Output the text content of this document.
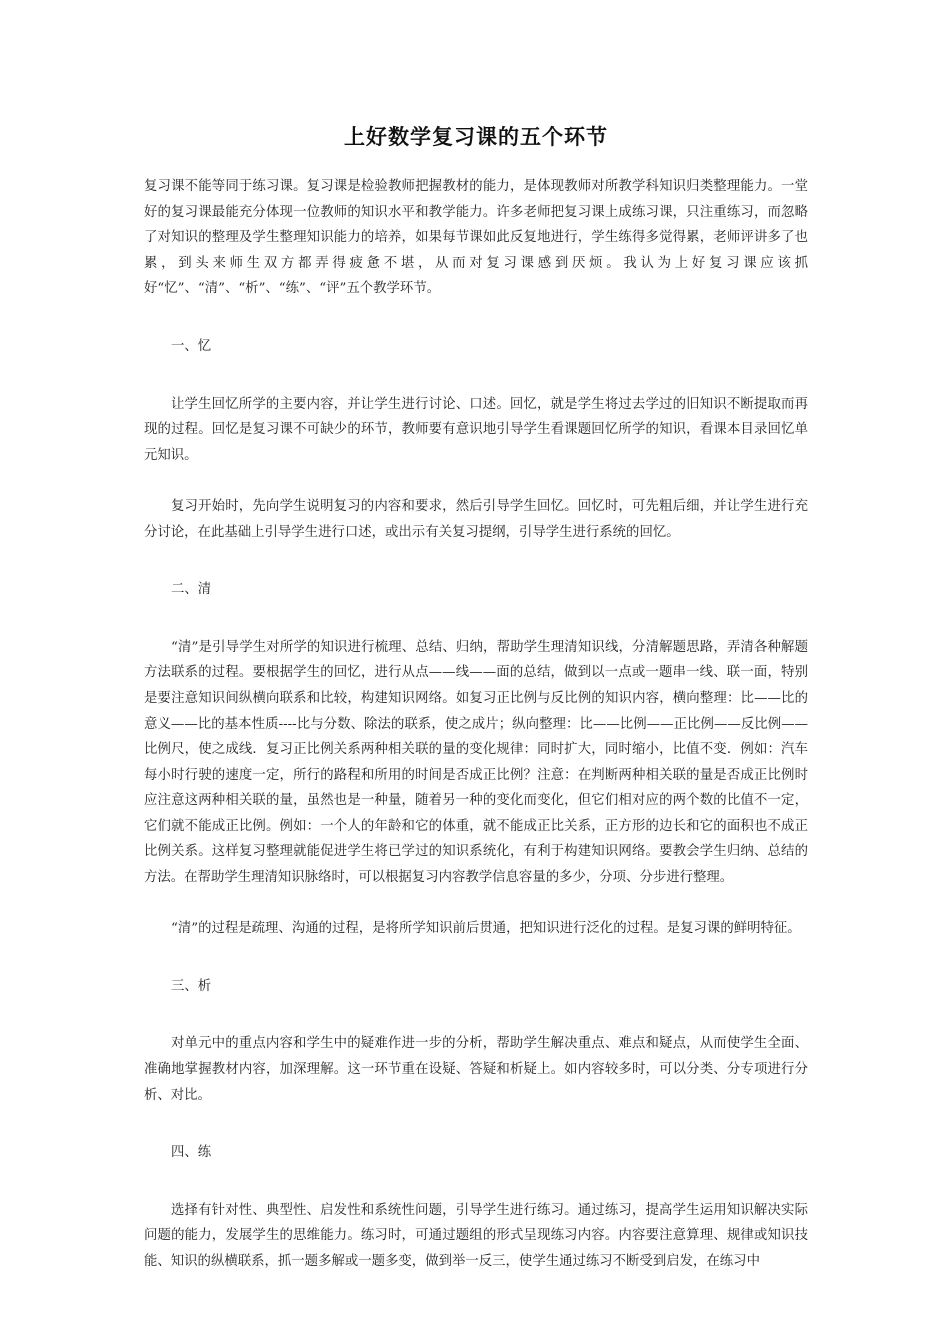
上好数学复习课的五个环节

复习课不能等同于练习课。复习课是检验教师把握教材的能力，是体现教师对所教学科知识归类整理能力。一堂好的复习课最能充分体现一位教师的知识水平和教学能力。许多老师把复习课上成练习课，只注重练习，而忽略了对知识的整理及学生整理知识能力的培养，如果每节课如此反复地进行，学生练得多觉得累，老师评讲多了也累，到头来师生双方都弄得疲惫不堪，从而对复习课感到厌烦。我认为上好复习课应该抓好“忆”、“清”、“析”、“练”、“评”五个教学环节。

一、忆

让学生回忆所学的主要内容，并让学生进行讨论、口述。回忆，就是学生将过去学过的旧知识不断提取而再现的过程。回忆是复习课不可缺少的环节，教师要有意识地引导学生看课题回忆所学的知识，看课本目录回忆单元知识。

复习开始时，先向学生说明复习的内容和要求，然后引导学生回忆。回忆时，可先粗后细，并让学生进行充分讨论，在此基础上引导学生进行口述，或出示有关复习提纲，引导学生进行系统的回忆。

二、清

“清”是引导学生对所学的知识进行梳理、总结、归纳，帮助学生理清知识线，分清解题思路，弄清各种解题方法联系的过程。要根据学生的回忆，进行从点——线——面的总结，做到以一点或一题串一线、联一面，特别是要注意知识间纵横向联系和比较，构建知识网络。如复习正比例与反比例的知识内容，横向整理：比——比的意义——比的基本性质----比与分数、除法的联系，使之成片；纵向整理：比——比例——正比例——反比例——比例尺，使之成线．复习正比例关系两种相关联的量的变化规律：同时扩大，同时缩小，比值不变．例如：汽车每小时行驶的速度一定，所行的路程和所用的时间是否成正比例？注意：在判断两种相关联的量是否成正比例时应注意这两种相关联的量，虽然也是一种量，随着另一种的变化而变化，但它们相对应的两个数的比值不一定，它们就不能成正比例。例如：一个人的年龄和它的体重，就不能成正比关系，正方形的边长和它的面积也不成正比例关系。这样复习整理就能促进学生将已学过的知识系统化，有利于构建知识网络。要教会学生归纳、总结的方法。在帮助学生理清知识脉络时，可以根据复习内容教学信息容量的多少，分项、分步进行整理。

“清”的过程是疏理、沟通的过程，是将所学知识前后贯通，把知识进行泛化的过程。是复习课的鲜明特征。

三、析

对单元中的重点内容和学生中的疑难作进一步的分析，帮助学生解决重点、难点和疑点，从而使学生全面、准确地掌握教材内容，加深理解。这一环节重在设疑、答疑和析疑上。如内容较多时，可以分类、分专项进行分析、对比。

四、练

选择有针对性、典型性、启发性和系统性问题，引导学生进行练习。通过练习，提高学生运用知识解决实际问题的能力，发展学生的思维能力。练习时，可通过题组的形式呈现练习内容。内容要注意算理、规律或知识技能、知识的纵横联系，抓一题多解或一题多变，做到举一反三，使学生通过练习不断受到启发，在练习中
